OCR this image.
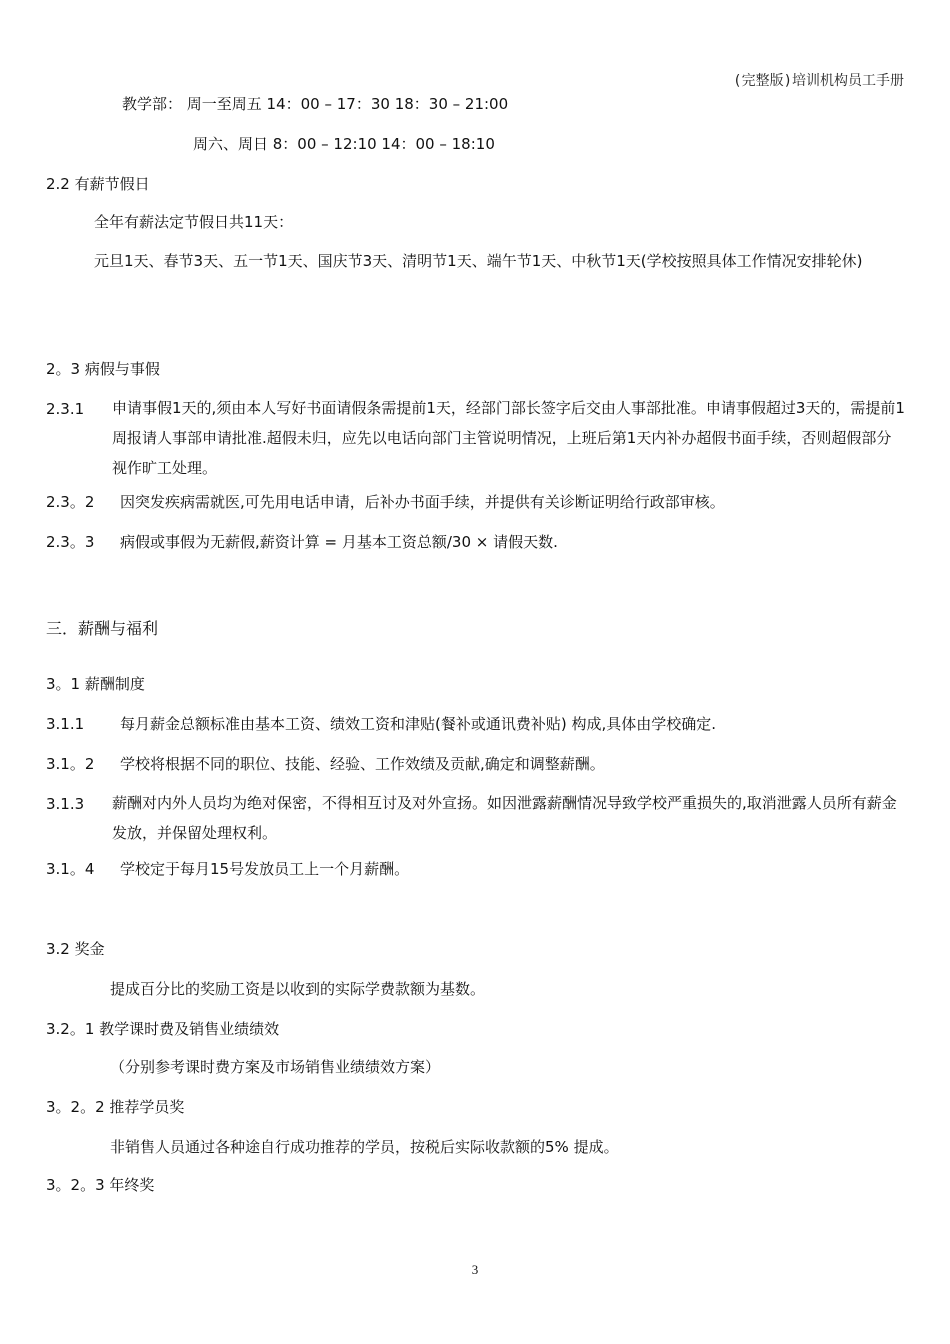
(完整版)培训机构员工手册
教学部： 周一至周五 14：00 – 17：30 18：30 – 21:00
周六、周日 8：00 – 12:10 14：00 – 18:10
2.2 有薪节假日
全年有薪法定节假日共11天：
元旦1天、春节3天、五一节1天、国庆节3天、清明节1天、端午节1天、中秋节1天(学校按照具体工作情况安排轮休)
2。3 病假与事假
2.3.1 申请事假1天的,须由本人写好书面请假条需提前1天，经部门部长签字后交由人事部批准。申请事假超过3天的，需提前1周报请人事部申请批准.超假未归，应先以电话向部门主管说明情况，上班后第1天内补办超假书面手续，否则超假部分视作旷工处理。
2.3。2 因突发疾病需就医,可先用电话申请，后补办书面手续，并提供有关诊断证明给行政部审核。
2.3。3 病假或事假为无薪假,薪资计算 = 月基本工资总额/30 × 请假天数.
三．薪酬与福利
3。1 薪酬制度
3.1.1 每月薪金总额标准由基本工资、绩效工资和津贴(餐补或通讯费补贴) 构成,具体由学校确定.
3.1。2 学校将根据不同的职位、技能、经验、工作效绩及贡献,确定和调整薪酬。
3.1.3 薪酬对内外人员均为绝对保密，不得相互讨及对外宣扬。如因泄露薪酬情况导致学校严重损失的,取消泄露人员所有薪金发放，并保留处理权利。
3.1。4 学校定于每月15号发放员工上一个月薪酬。
3.2 奖金
提成百分比的奖励工资是以收到的实际学费款额为基数。
3.2。1 教学课时费及销售业绩绩效
（分别参考课时费方案及市场销售业绩绩效方案）
3。2。2 推荐学员奖
非销售人员通过各种途自行成功推荐的学员，按税后实际收款额的5% 提成。
3。2。3 年终奖
3
